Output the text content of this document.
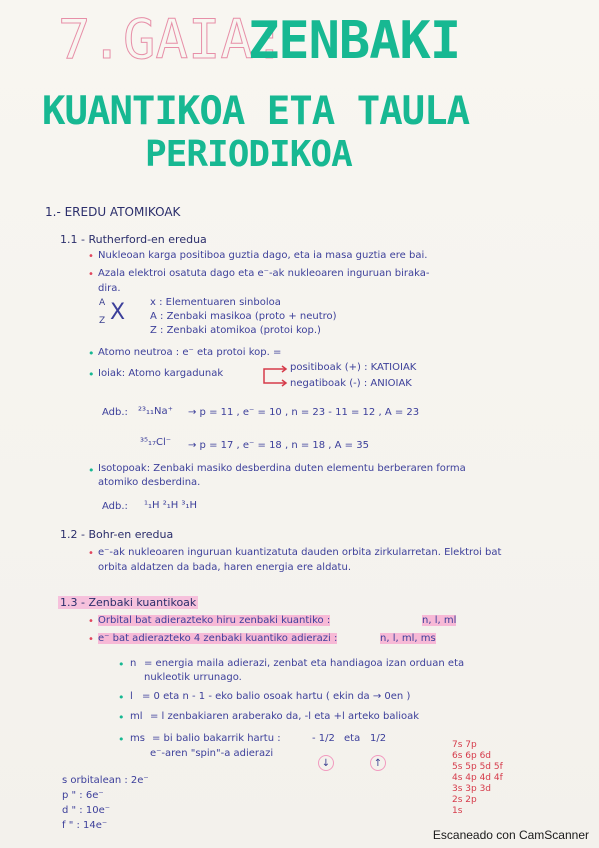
7.GAIA:
ZENBAKI
KUANTIKOA ETA TAULA
PERIODIKOA
1.- EREDU ATOMIKOAK
1.1 - Rutherford-en eredua
• Nukleoan karga positiboa guztia dago, eta ia masa guztia ere bai.
• Azala elektroi osatuta dago eta e⁻-ak nukleoaren inguruan biraka-
dira.
A X
Z
x : Elementuaren sinboloa
A : Zenbaki masikoa (proto + neutro)
Z : Zenbaki atomikoa (protoi kop.)
• Atomo neutroa : e⁻ eta protoi kop. =
• Ioiak: Atomo kargadunak
positiboak (+) : KATIOIAK
negatiboak (-) : ANIOIAK
Adb.: ²³₁₁Na⁺ → p = 11 , e⁻ = 10 , n = 23 - 11 = 12 , A = 23
³⁵₁₇Cl⁻ → p = 17 , e⁻ = 18 , n = 18 , A = 35
• Isotopoak: Zenbaki masiko desberdina duten elementu berberaren forma
atomiko desberdina.
Adb.: ¹₁H ²₁H ³₁H
1.2 - Bohr-en eredua
• e⁻-ak nukleoaren inguruan kuantizatuta dauden orbita zirkularretan. Elektroi bat
orbita aldatzen da bada, haren energia ere aldatu.
1.3 - Zenbaki kuantikoak
• Orbital bat adierazteko hiru zenbaki kuantiko :	n, l, ml
• e⁻ bat adierazteko 4 zenbaki kuantiko adierazi :	n, l, ml, ms
• n = energia maila adierazi, zenbat eta handiagoa izan orduan eta
nukleotik urrunago.
• l = 0 eta n - 1 - eko balio osoak hartu ( ekin da → 0en )
• ml = l zenbakiaren araberako da, -l eta +l arteko balioak
• ms = bi balio bakarrik hartu :	- 1/2 eta 1/2
e⁻-aren "spin"-a adierazi
↓	↑
s orbitalean : 2e⁻
p " : 6e⁻
d " : 10e⁻
f " : 14e⁻
7s 7p
6s 6p 6d
5s 5p 5d 5f
4s 4p 4d 4f
3s 3p 3d
2s 2p
1s
Escaneado con CamScanner
